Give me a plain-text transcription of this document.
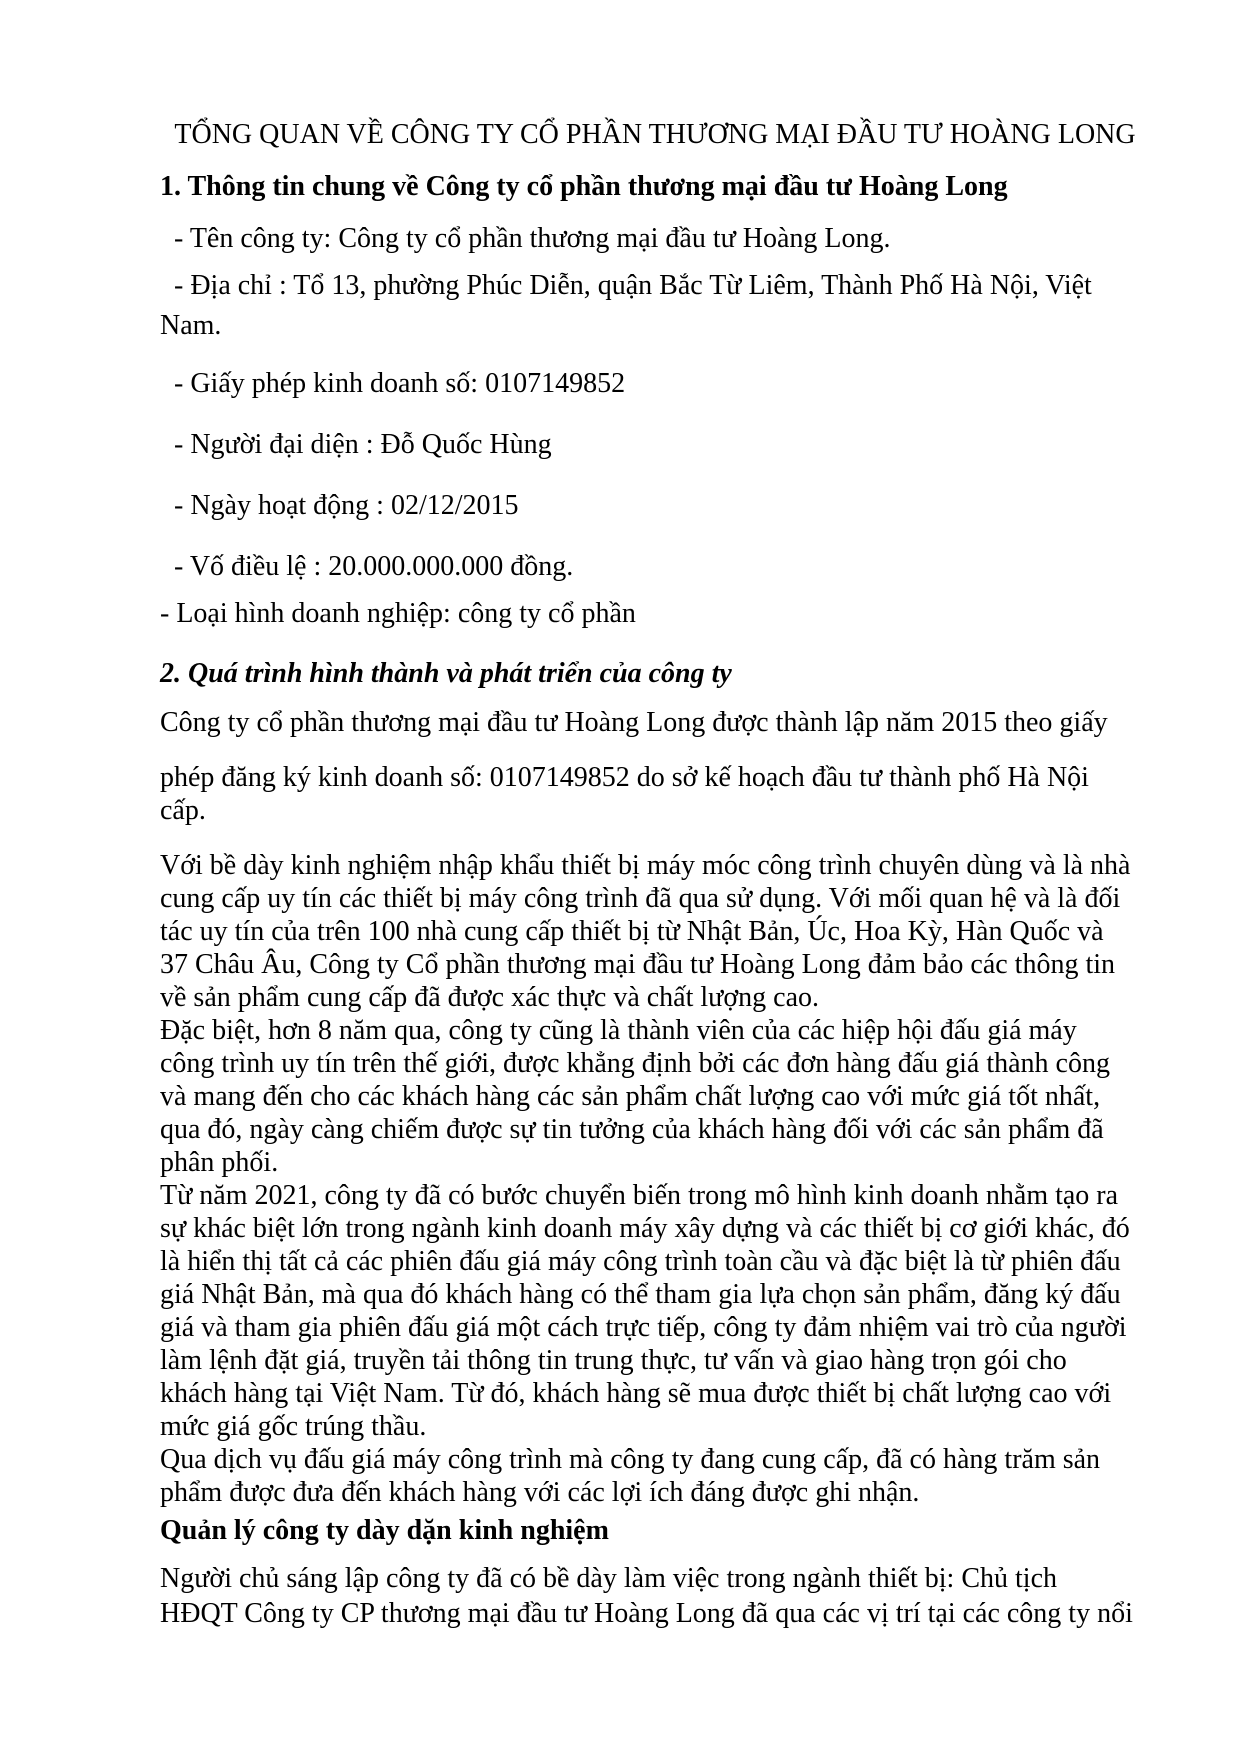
TỔNG QUAN VỀ CÔNG TY CỔ PHẦN THƯƠNG MẠI ĐẦU TƯ HOÀNG LONG
1. Thông tin chung về Công ty cổ phần thương mại đầu tư Hoàng Long
- Tên công ty: Công ty cổ phần thương mại đầu tư Hoàng Long.
- Địa chỉ : Tổ 13, phường Phúc Diễn, quận Bắc Từ Liêm, Thành Phố Hà Nội, Việt
Nam.
- Giấy phép kinh doanh số: 0107149852
- Người đại diện : Đỗ Quốc Hùng
- Ngày hoạt động : 02/12/2015
- Vố điều lệ : 20.000.000.000 đồng.
- Loại hình doanh nghiệp: công ty cổ phần
2. Quá trình hình thành và phát triển của công ty
Công ty cổ phần thương mại đầu tư Hoàng Long được thành lập năm 2015 theo giấy
phép đăng ký kinh doanh số: 0107149852 do sở kế hoạch đầu tư thành phố Hà Nội
cấp.
Với bề dày kinh nghiệm nhập khẩu thiết bị máy móc công trình chuyên dùng và là nhà
cung cấp uy tín các thiết bị máy công trình đã qua sử dụng. Với mối quan hệ và là đối
tác uy tín của trên 100 nhà cung cấp thiết bị từ Nhật Bản, Úc, Hoa Kỳ, Hàn Quốc và
37 Châu Âu, Công ty Cổ phần thương mại đầu tư Hoàng Long đảm bảo các thông tin
về sản phẩm cung cấp đã được xác thực và chất lượng cao.
Đặc biệt, hơn 8 năm qua, công ty cũng là thành viên của các hiệp hội đấu giá máy
công trình uy tín trên thế giới, được khẳng định bởi các đơn hàng đấu giá thành công
và mang đến cho các khách hàng các sản phẩm chất lượng cao với mức giá tốt nhất,
qua đó, ngày càng chiếm được sự tin tưởng của khách hàng đối với các sản phẩm đã
phân phối.
Từ năm 2021, công ty đã có bước chuyển biến trong mô hình kinh doanh nhằm tạo ra
sự khác biệt lớn trong ngành kinh doanh máy xây dựng và các thiết bị cơ giới khác, đó
là hiển thị tất cả các phiên đấu giá máy công trình toàn cầu và đặc biệt là từ phiên đấu
giá Nhật Bản, mà qua đó khách hàng có thể tham gia lựa chọn sản phẩm, đăng ký đấu
giá và tham gia phiên đấu giá một cách trực tiếp, công ty đảm nhiệm vai trò của người
làm lệnh đặt giá, truyền tải thông tin trung thực, tư vấn và giao hàng trọn gói cho
khách hàng tại Việt Nam. Từ đó, khách hàng sẽ mua được thiết bị chất lượng cao với
mức giá gốc trúng thầu.
Qua dịch vụ đấu giá máy công trình mà công ty đang cung cấp, đã có hàng trăm sản
phẩm được đưa đến khách hàng với các lợi ích đáng được ghi nhận.
Quản lý công ty dày dặn kinh nghiệm
Người chủ sáng lập công ty đã có bề dày làm việc trong ngành thiết bị: Chủ tịch
HĐQT Công ty CP thương mại đầu tư Hoàng Long đã qua các vị trí tại các công ty nổi
